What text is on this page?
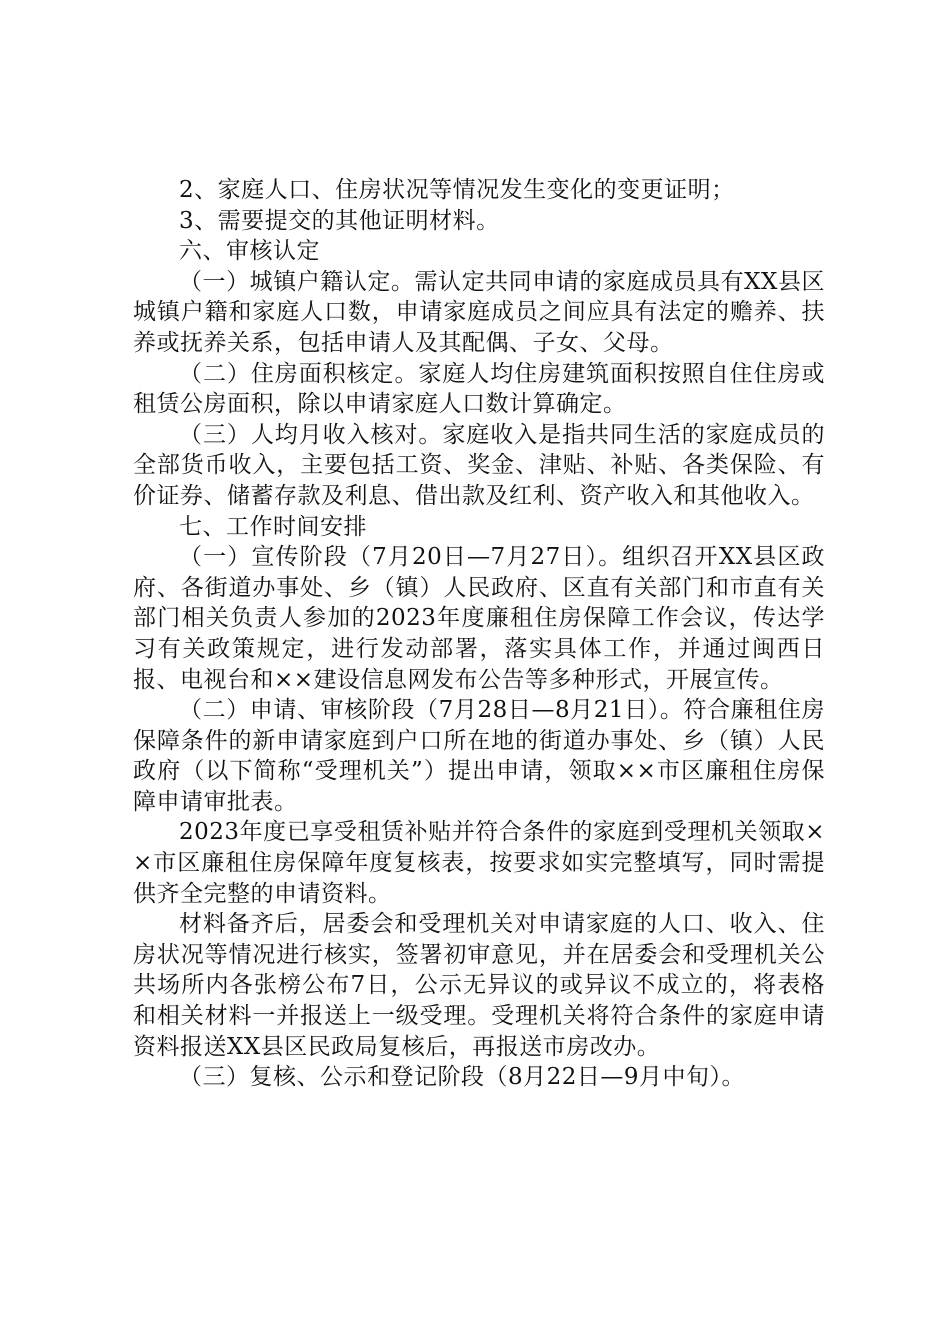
2、家庭人口、住房状况等情况发生变化的变更证明；

3、需要提交的其他证明材料。

六、审核认定

（一）城镇户籍认定。需认定共同申请的家庭成员具有XX县区城镇户籍和家庭人口数，申请家庭成员之间应具有法定的赡养、扶养或抚养关系，包括申请人及其配偶、子女、父母。

（二）住房面积核定。家庭人均住房建筑面积按照自住住房或租赁公房面积，除以申请家庭人口数计算确定。

（三）人均月收入核对。家庭收入是指共同生活的家庭成员的全部货币收入，主要包括工资、奖金、津贴、补贴、各类保险、有价证券、储蓄存款及利息、借出款及红利、资产收入和其他收入。

七、工作时间安排

（一）宣传阶段（7月20日—7月27日）。组织召开XX县区政府、各街道办事处、乡（镇）人民政府、区直有关部门和市直有关部门相关负责人参加的2023年度廉租住房保障工作会议，传达学习有关政策规定，进行发动部署，落实具体工作，并通过闽西日报、电视台和××建设信息网发布公告等多种形式，开展宣传。

（二）申请、审核阶段（7月28日—8月21日）。符合廉租住房保障条件的新申请家庭到户口所在地的街道办事处、乡（镇）人民政府（以下简称“受理机关”）提出申请，领取××市区廉租住房保障申请审批表。

2023年度已享受租赁补贴并符合条件的家庭到受理机关领取××市区廉租住房保障年度复核表，按要求如实完整填写，同时需提供齐全完整的申请资料。

材料备齐后，居委会和受理机关对申请家庭的人口、收入、住房状况等情况进行核实，签署初审意见，并在居委会和受理机关公共场所内各张榜公布7日，公示无异议的或异议不成立的，将表格和相关材料一并报送上一级受理。受理机关将符合条件的家庭申请资料报送XX县区民政局复核后，再报送市房改办。

（三）复核、公示和登记阶段（8月22日—9月中旬）。
